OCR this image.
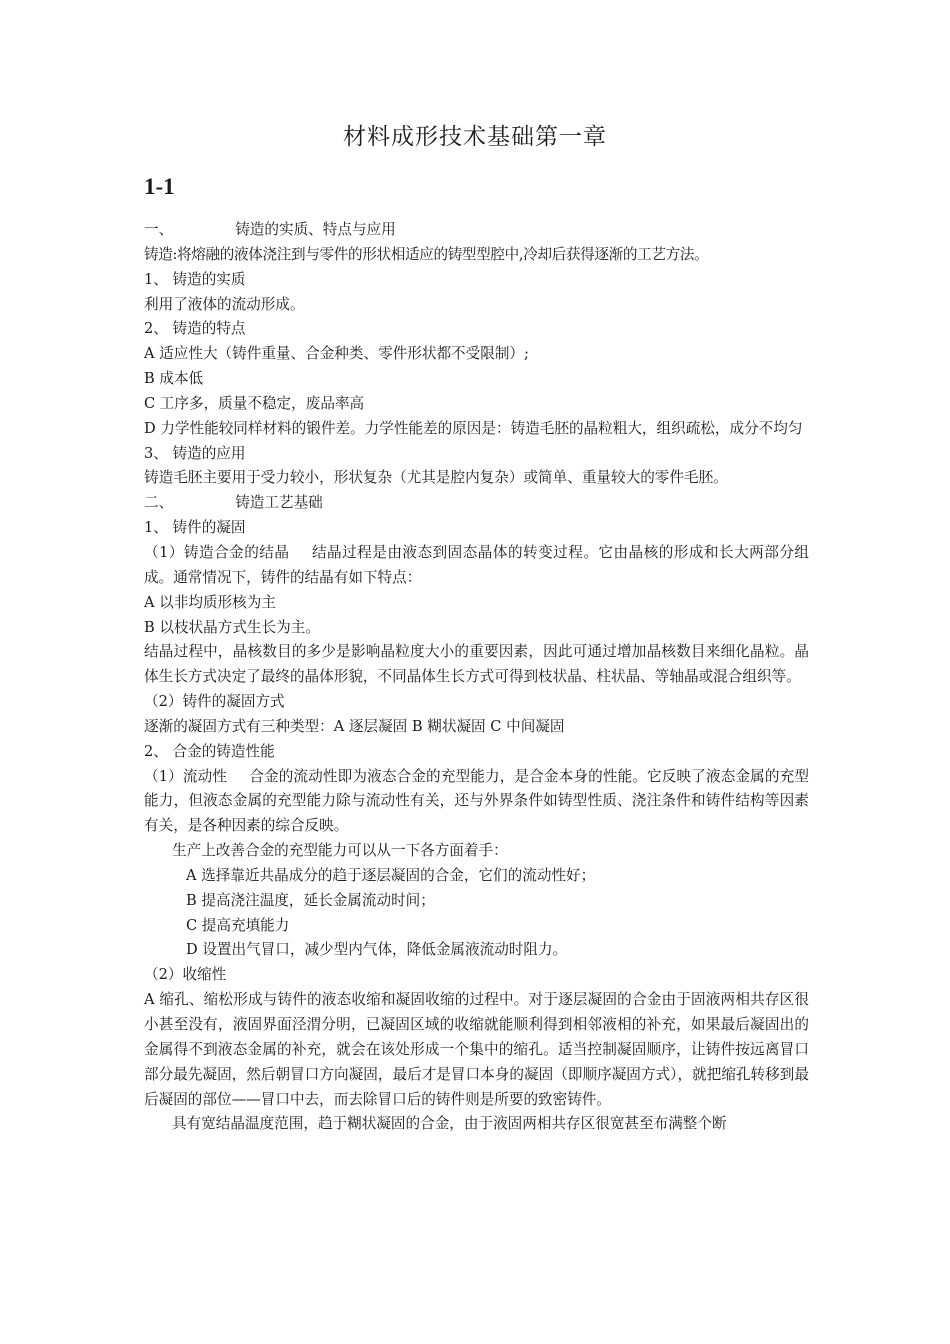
材料成形技术基础第一章
1-1

一、	铸造的实质、特点与应用

铸造:将熔融的液体浇注到与零件的形状相适应的铸型型腔中,冷却后获得逐渐的工艺方法。

1、 铸造的实质

利用了液体的流动形成。

2、 铸造的特点

A 适应性大（铸件重量、合金种类、零件形状都不受限制）;

B 成本低

C 工序多，质量不稳定，废品率高

D 力学性能较同样材料的锻件差。力学性能差的原因是：铸造毛胚的晶粒粗大，组织疏松，成分不均匀

3、 铸造的应用

铸造毛胚主要用于受力较小，形状复杂（尤其是腔内复杂）或简单、重量较大的零件毛胚。

二、	铸造工艺基础

1、 铸件的凝固

（1）铸造合金的结晶 结晶过程是由液态到固态晶体的转变过程。它由晶核的形成和长大两部分组成。通常情况下，铸件的结晶有如下特点：

A 以非均质形核为主

B 以枝状晶方式生长为主。

结晶过程中，晶核数目的多少是影响晶粒度大小的重要因素，因此可通过增加晶核数目来细化晶粒。晶体生长方式决定了最终的晶体形貌，不同晶体生长方式可得到枝状晶、柱状晶、等轴晶或混合组织等。

（2）铸件的凝固方式

逐渐的凝固方式有三种类型：A 逐层凝固 B 糊状凝固 C 中间凝固

2、 合金的铸造性能

（1）流动性 合金的流动性即为液态合金的充型能力，是合金本身的性能。它反映了液态金属的充型能力，但液态金属的充型能力除与流动性有关，还与外界条件如铸型性质、浇注条件和铸件结构等因素有关，是各种因素的综合反映。

生产上改善合金的充型能力可以从一下各方面着手：

A 选择靠近共晶成分的趋于逐层凝固的合金，它们的流动性好；

B 提高浇注温度，延长金属流动时间；

C 提高充填能力

D 设置出气冒口，减少型内气体，降低金属液流动时阻力。

（2）收缩性

A 缩孔、缩松形成与铸件的液态收缩和凝固收缩的过程中。对于逐层凝固的合金由于固液两相共存区很小甚至没有，液固界面泾渭分明，已凝固区域的收缩就能顺利得到相邻液相的补充，如果最后凝固出的金属得不到液态金属的补充，就会在该处形成一个集中的缩孔。适当控制凝固顺序，让铸件按远离冒口部分最先凝固，然后朝冒口方向凝固，最后才是冒口本身的凝固（即顺序凝固方式），就把缩孔转移到最后凝固的部位——冒口中去，而去除冒口后的铸件则是所要的致密铸件。

具有宽结晶温度范围，趋于糊状凝固的合金，由于液固两相共存区很宽甚至布满整个断
